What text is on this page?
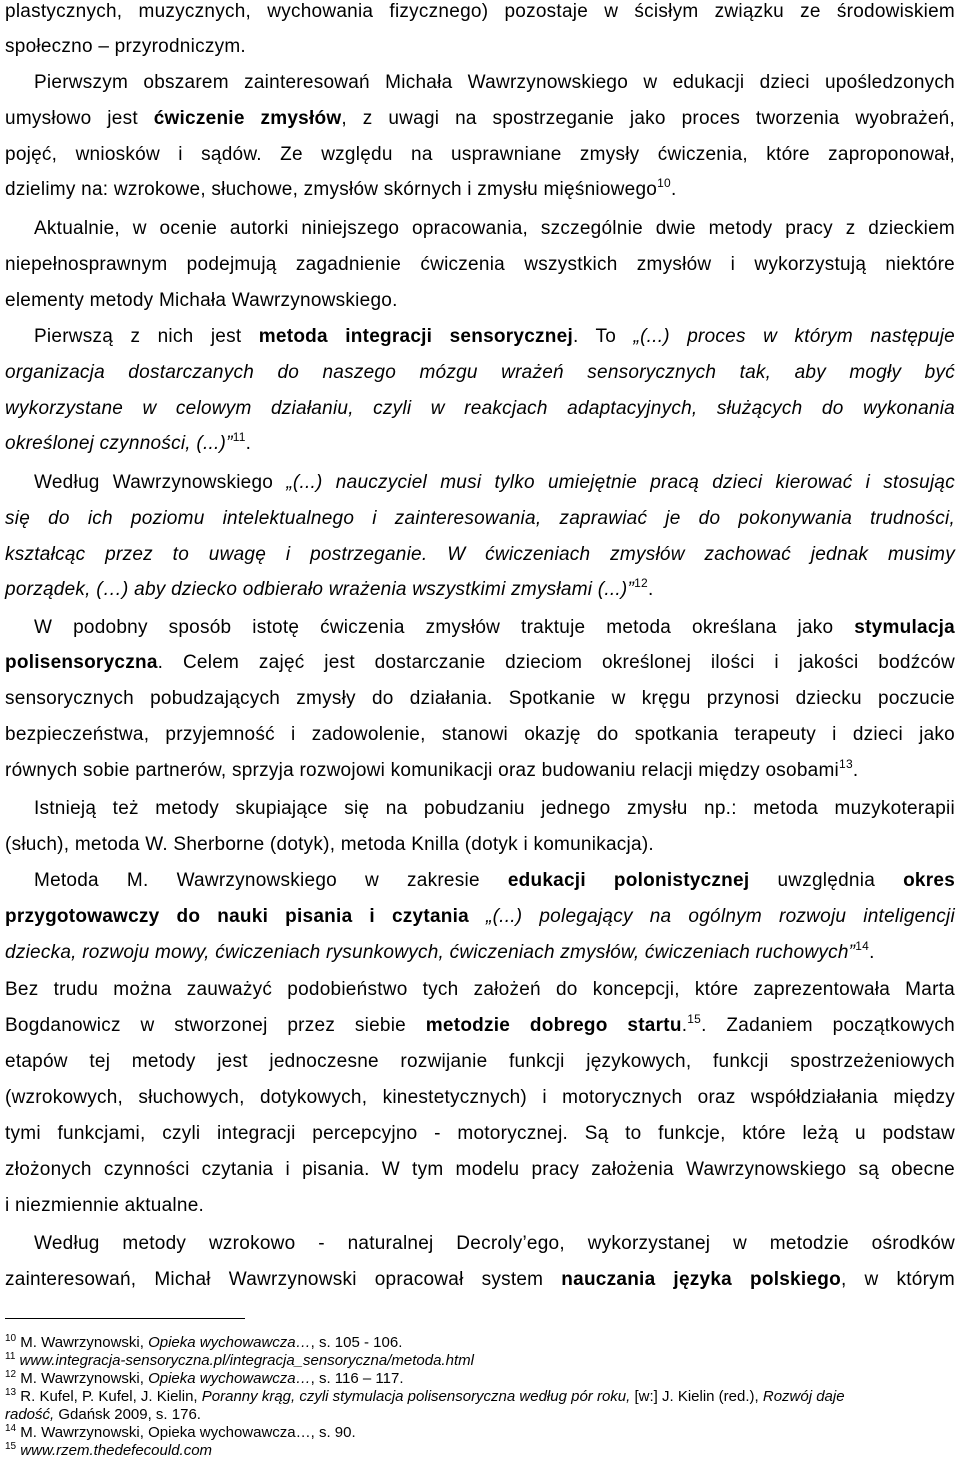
plastycznych, muzycznych, wychowania fizycznego) pozostaje w ścisłym związku ze środowiskiem
społeczno – przyrodniczym.
Pierwszym obszarem zainteresowań Michała Wawrzynowskiego w edukacji dzieci upośledzonych
umysłowo jest ćwiczenie zmysłów, z uwagi na spostrzeganie jako proces tworzenia wyobrażeń,
pojęć, wniosków i sądów. Ze względu na usprawniane zmysły ćwiczenia, które zaproponował,
dzielimy na: wzrokowe, słuchowe, zmysłów skórnych i zmysłu mięśniowego$^{10}$.
Aktualnie, w ocenie autorki niniejszego opracowania, szczególnie dwie metody pracy z dzieckiem
niepełnosprawnym podejmują zagadnienie ćwiczenia wszystkich zmysłów i wykorzystują niektóre
elementy metody Michała Wawrzynowskiego.
Pierwszą z nich jest metoda integracji sensorycznej. To „(...) proces w którym następuje
organizacja dostarczanych do naszego mózgu wrażeń sensorycznych tak, aby mogły być
wykorzystane w celowym działaniu, czyli w reakcjach adaptacyjnych, służących do wykonania
określonej czynności, (...)”$^{11}$.
Według Wawrzynowskiego „(...) nauczyciel musi tylko umiejętnie pracą dzieci kierować i stosując
się do ich poziomu intelektualnego i zainteresowania, zaprawiać je do pokonywania trudności,
kształcąc przez to uwagę i postrzeganie. W ćwiczeniach zmysłów zachować jednak musimy
porządek, (…) aby dziecko odbierało wrażenia wszystkimi zmysłami (...)”$^{12}$.
W podobny sposób istotę ćwiczenia zmysłów traktuje metoda określana jako stymulacja
polisensoryczna. Celem zajęć jest dostarczanie dzieciom określonej ilości i jakości bodźców
sensorycznych pobudzających zmysły do działania. Spotkanie w kręgu przynosi dziecku poczucie
bezpieczeństwa, przyjemność i zadowolenie, stanowi okazję do spotkania terapeuty i dzieci jako
równych sobie partnerów, sprzyja rozwojowi komunikacji oraz budowaniu relacji między osobami$^{13}$.
Istnieją też metody skupiające się na pobudzaniu jednego zmysłu np.: metoda muzykoterapii
(słuch), metoda W. Sherborne (dotyk), metoda Knilla (dotyk i komunikacja).
Metoda M. Wawrzynowskiego w zakresie edukacji polonistycznej uwzględnia okres
przygotowawczy do nauki pisania i czytania „(...) polegający na ogólnym rozwoju inteligencji
dziecka, rozwoju mowy, ćwiczeniach rysunkowych, ćwiczeniach zmysłów, ćwiczeniach ruchowych”$^{14}$.
Bez trudu można zauważyć podobieństwo tych założeń do koncepcji, które zaprezentowała Marta
Bogdanowicz w stworzonej przez siebie metodzie dobrego startu.$^{15}$. Zadaniem początkowych
etapów tej metody jest jednoczesne rozwijanie funkcji językowych, funkcji spostrzeżeniowych
(wzrokowych, słuchowych, dotykowych, kinestetycznych) i motorycznych oraz współdziałania między
tymi funkcjami, czyli integracji percepcyjno - motorycznej. Są to funkcje, które leżą u podstaw
złożonych czynności czytania i pisania. W tym modelu pracy założenia Wawrzynowskiego są obecne
i niezmiennie aktualne.
Według metody wzrokowo - naturalnej Decroly’ego, wykorzystanej w metodzie ośrodków
zainteresowań, Michał Wawrzynowski opracował system nauczania języka polskiego, w którym
$^{10}$ M. Wawrzynowski, Opieka wychowawcza…, s. 105 - 106.
$^{11}$ www.integracja-sensoryczna.pl/integracja_sensoryczna/metoda.html
$^{12}$ M. Wawrzynowski, Opieka wychowawcza…, s. 116 – 117.
$^{13}$ R. Kufel, P. Kufel, J. Kielin, Poranny krąg, czyli stymulacja polisensoryczna według pór roku, [w:] J. Kielin (red.), Rozwój daje
radość, Gdańsk 2009, s. 176.
$^{14}$ M. Wawrzynowski, Opieka wychowawcza…, s. 90.
$^{15}$ www.rzem.thedefecould.com
